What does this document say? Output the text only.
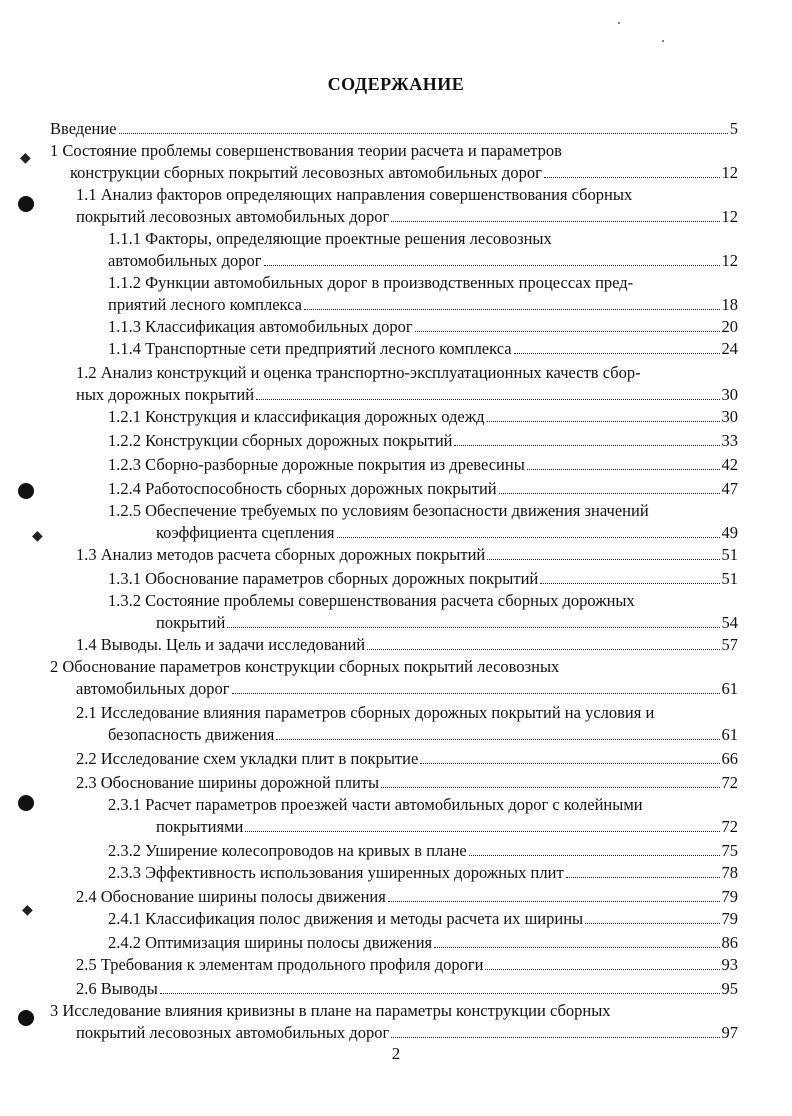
◆
◆
◆
СОДЕРЖАНИЕ
Введение	5
1 Состояние проблемы совершенствования теории расчета и параметров
конструкции сборных покрытий лесовозных автомобильных дорог	12
1.1 Анализ факторов определяющих направления совершенствования сборных
покрытий лесовозных автомобильных дорог	12
1.1.1 Факторы, определяющие проектные решения лесовозных
автомобильных дорог	12
1.1.2 Функции автомобильных дорог в производственных процессах пред-
приятий лесного комплекса	18
1.1.3 Классификация автомобильных дорог	20
1.1.4 Транспортные сети предприятий лесного комплекса	24
1.2 Анализ конструкций и оценка транспортно-эксплуатационных качеств сбор-
ных дорожных покрытий	30
1.2.1 Конструкция и классификация дорожных одежд	30
1.2.2 Конструкции сборных дорожных покрытий	33
1.2.3 Сборно-разборные дорожные покрытия из древесины	42
1.2.4 Работоспособность сборных дорожных покрытий	47
1.2.5 Обеспечение требуемых по условиям безопасности движения значений
коэффициента сцепления	49
1.3 Анализ методов расчета сборных дорожных покрытий	51
1.3.1 Обоснование параметров сборных дорожных покрытий	51
1.3.2 Состояние проблемы совершенствования расчета сборных дорожных
покрытий	54
1.4 Выводы. Цель и задачи исследований	57
2 Обоснование параметров конструкции сборных покрытий лесовозных
автомобильных дорог	61
2.1 Исследование влияния параметров сборных дорожных покрытий на условия и
безопасность движения	61
2.2 Исследование схем укладки плит в покрытие	66
2.3 Обоснование ширины дорожной плиты	72
2.3.1 Расчет параметров проезжей части автомобильных дорог с колейными
покрытиями	72
2.3.2 Уширение колесопроводов на кривых в плане	75
2.3.3 Эффективность использования уширенных дорожных плит	78
2.4 Обоснование ширины полосы движения	79
2.4.1 Классификация полос движения и методы расчета их ширины	79
2.4.2 Оптимизация ширины полосы движения	86
2.5 Требования к элементам продольного профиля дороги	93
2.6 Выводы	95
3 Исследование влияния кривизны в плане на параметры конструкции сборных
покрытий лесовозных автомобильных дорог	97
2
